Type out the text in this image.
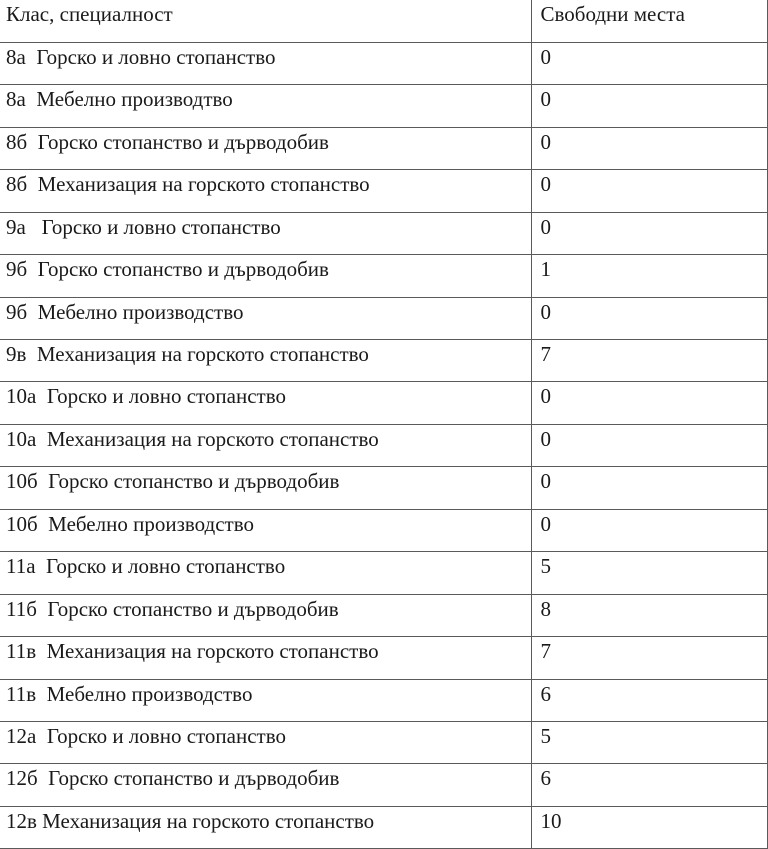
Клас, специалност	Свободни места
8а  Горско и ловно стопанство	0
8а  Мебелно производтво	0
8б  Горско стопанство и дърводобив	0
8б  Механизация на горското стопанство	0
9а   Горско и ловно стопанство	0
9б  Горско стопанство и дърводобив	1
9б  Мебелно производство	0
9в  Механизация на горското стопанство	7
10а  Горско и ловно стопанство	0
10а  Механизация на горското стопанство	0
10б  Горско стопанство и дърводобив	0
10б  Мебелно производство	0
11а  Горско и ловно стопанство	5
11б  Горско стопанство и дърводобив	8
11в  Механизация на горското стопанство	7
11в  Мебелно производство	6
12а  Горско и ловно стопанство	5
12б  Горско стопанство и дърводобив	6
12в Механизация на горското стопанство	10
